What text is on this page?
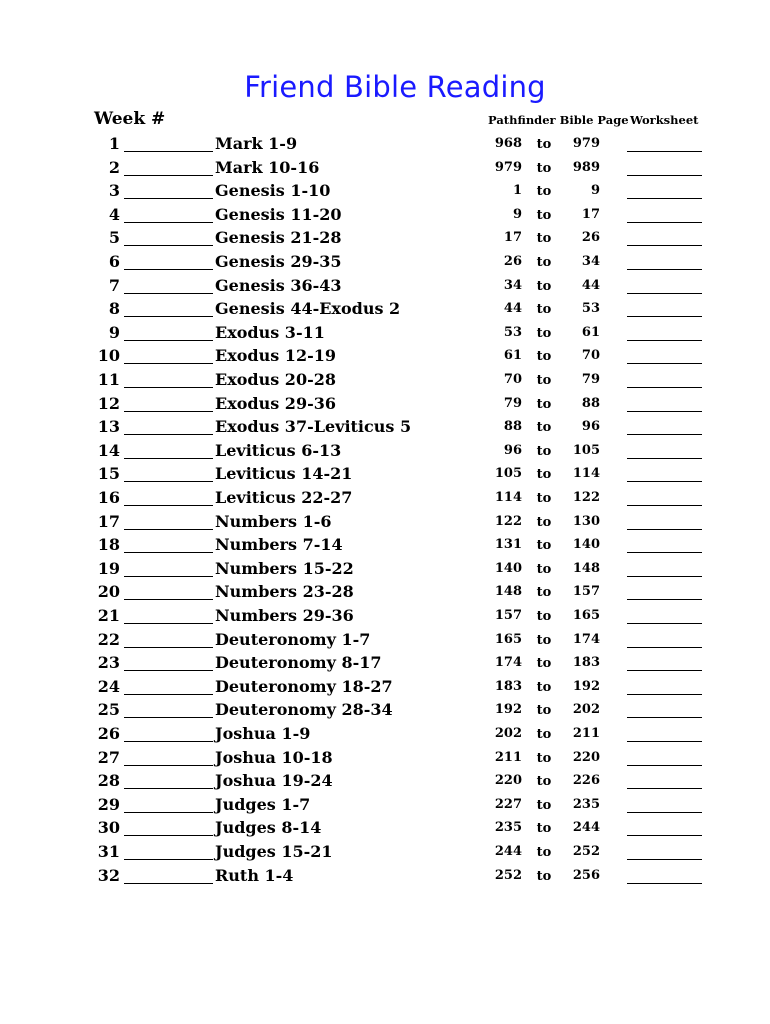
Friend Bible Reading
Week #	Pathfinder Bible Page Worksheet
1	Mark 1-9	968	to	979
2	Mark 10-16	979	to	989
3	Genesis 1-10	1	to	9
4	Genesis 11-20	9	to	17
5	Genesis 21-28	17	to	26
6	Genesis 29-35	26	to	34
7	Genesis 36-43	34	to	44
8	Genesis 44-Exodus 2	44	to	53
9	Exodus 3-11	53	to	61
10	Exodus 12-19	61	to	70
11	Exodus 20-28	70	to	79
12	Exodus 29-36	79	to	88
13	Exodus 37-Leviticus 5	88	to	96
14	Leviticus 6-13	96	to	105
15	Leviticus 14-21	105	to	114
16	Leviticus 22-27	114	to	122
17	Numbers 1-6	122	to	130
18	Numbers 7-14	131	to	140
19	Numbers 15-22	140	to	148
20	Numbers 23-28	148	to	157
21	Numbers 29-36	157	to	165
22	Deuteronomy 1-7	165	to	174
23	Deuteronomy 8-17	174	to	183
24	Deuteronomy 18-27	183	to	192
25	Deuteronomy 28-34	192	to	202
26	Joshua 1-9	202	to	211
27	Joshua 10-18	211	to	220
28	Joshua 19-24	220	to	226
29	Judges 1-7	227	to	235
30	Judges 8-14	235	to	244
31	Judges 15-21	244	to	252
32	Ruth 1-4	252	to	256
